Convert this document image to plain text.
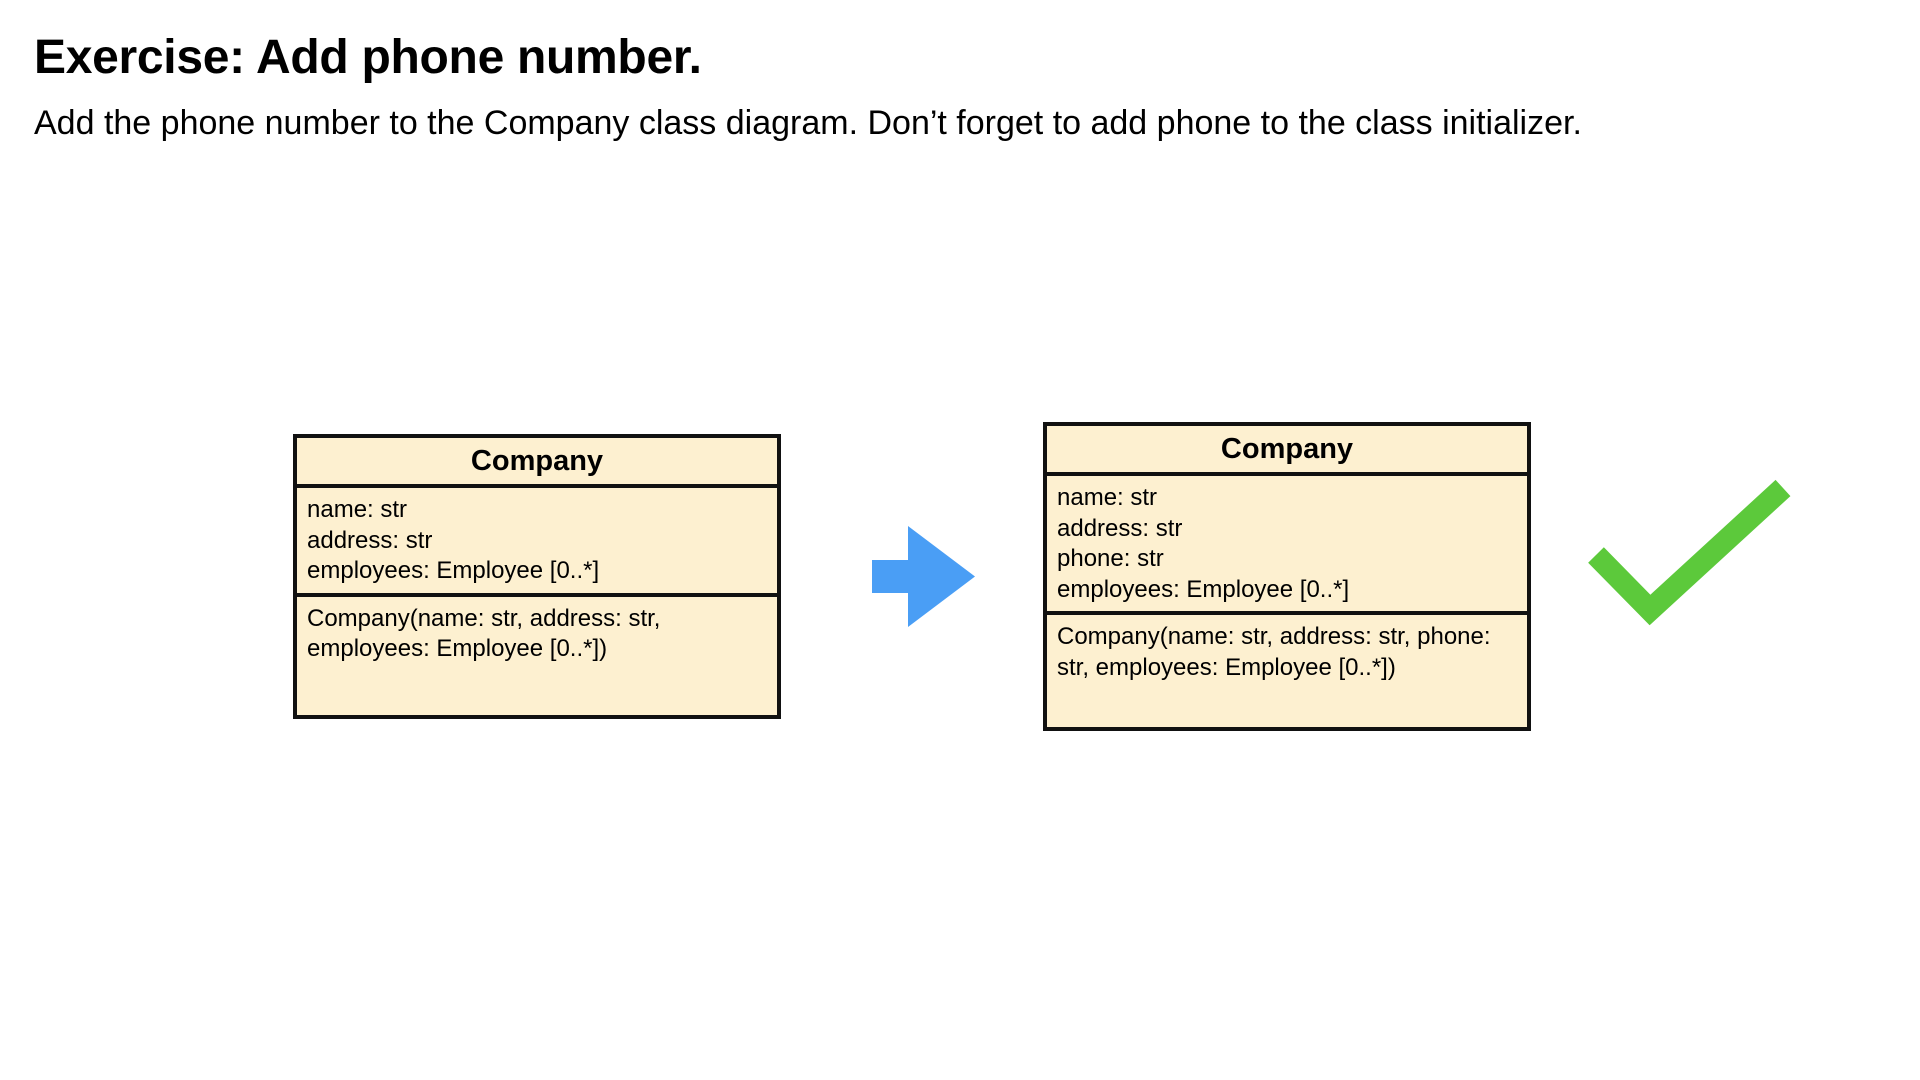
Exercise: Add phone number.

Add the phone number to the Company class diagram. Don’t forget to add phone to the class initializer.

Company
name: str
address: str
employees: Employee [0..*]
Company(name: str, address: str, employees: Employee [0..*])
Company
name: str
address: str
phone: str
employees: Employee [0..*]
Company(name: str, address: str, phone: str, employees: Employee [0..*])
